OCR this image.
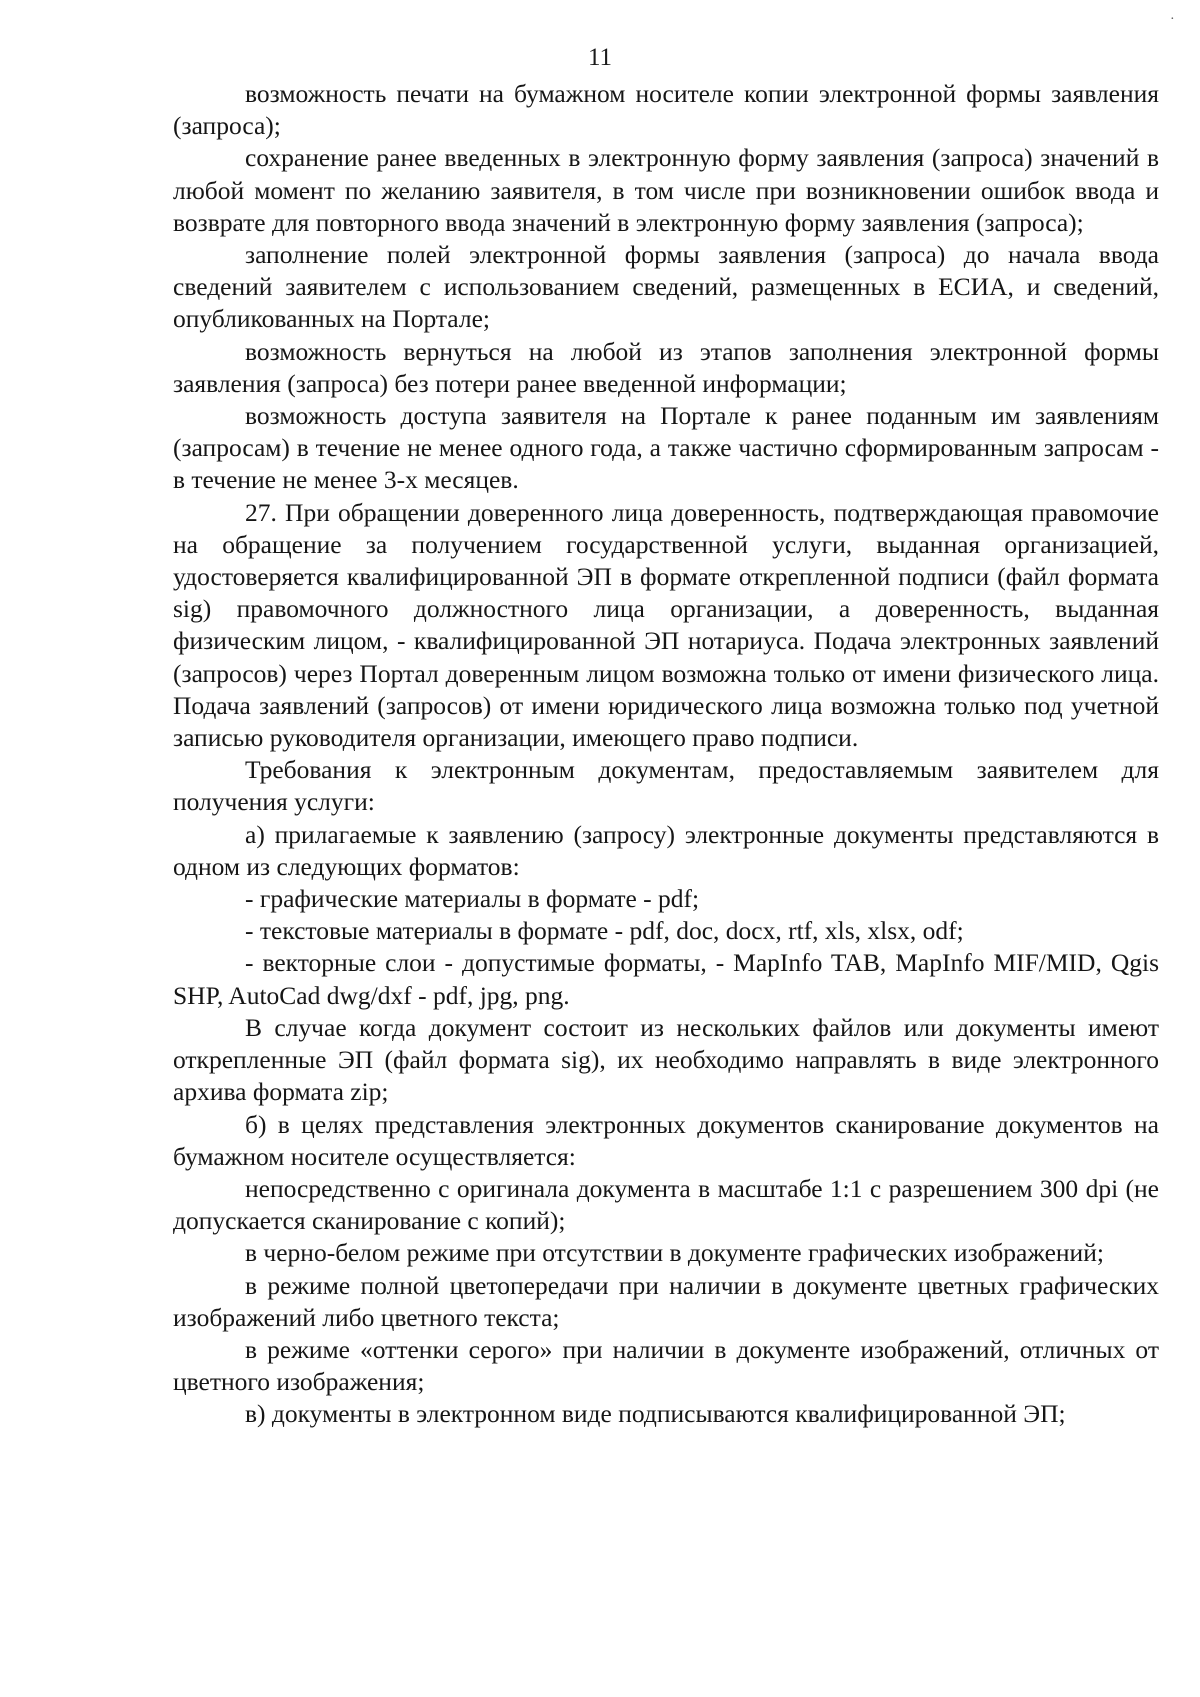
·
11

возможность печати на бумажном носителе копии электронной формы заявления (запроса);

сохранение ранее введенных в электронную форму заявления (запроса) значений в любой момент по желанию заявителя, в том числе при возникновении ошибок ввода и возврате для повторного ввода значений в электронную форму заявления (запроса);

заполнение полей электронной формы заявления (запроса) до начала ввода сведений заявителем с использованием сведений, размещенных в ЕСИА, и сведений, опубликованных на Портале;

возможность вернуться на любой из этапов заполнения электронной формы заявления (запроса) без потери ранее введенной информации;

возможность доступа заявителя на Портале к ранее поданным им заявлениям (запросам) в течение не менее одного года, а также частично сформированным запросам - в течение не менее 3-х месяцев.

27. При обращении доверенного лица доверенность, подтверждающая правомочие на обращение за получением государственной услуги, выданная организацией, удостоверяется квалифицированной ЭП в формате открепленной подписи (файл формата sig) правомочного должностного лица организации, а доверенность, выданная физическим лицом, - квалифицированной ЭП нотариуса. Подача электронных заявлений (запросов) через Портал доверенным лицом возможна только от имени физического лица. Подача заявлений (запросов) от имени юридического лица возможна только под учетной записью руководителя организации, имеющего право подписи.

Требования к электронным документам, предоставляемым заявителем для получения услуги:

а) прилагаемые к заявлению (запросу) электронные документы представляются в одном из следующих форматов:

- графические материалы в формате - pdf;

- текстовые материалы в формате - pdf, doc, docx, rtf, xls, xlsx, odf;

- векторные слои - допустимые форматы, - MapInfo TAB, MapInfo MIF/MID, Qgis SHP, AutoCad dwg/dxf - pdf, jpg, png.

В случае когда документ состоит из нескольких файлов или документы имеют открепленные ЭП (файл формата sig), их необходимо направлять в виде электронного архива формата zip;

б) в целях представления электронных документов сканирование документов на бумажном носителе осуществляется:

непосредственно с оригинала документа в масштабе 1:1 с разрешением 300 dpi (не допускается сканирование с копий);

в черно-белом режиме при отсутствии в документе графических изображений;

в режиме полной цветопередачи при наличии в документе цветных графических изображений либо цветного текста;

в режиме «оттенки серого» при наличии в документе изображений, отличных от цветного изображения;

в) документы в электронном виде подписываются квалифицированной ЭП;
